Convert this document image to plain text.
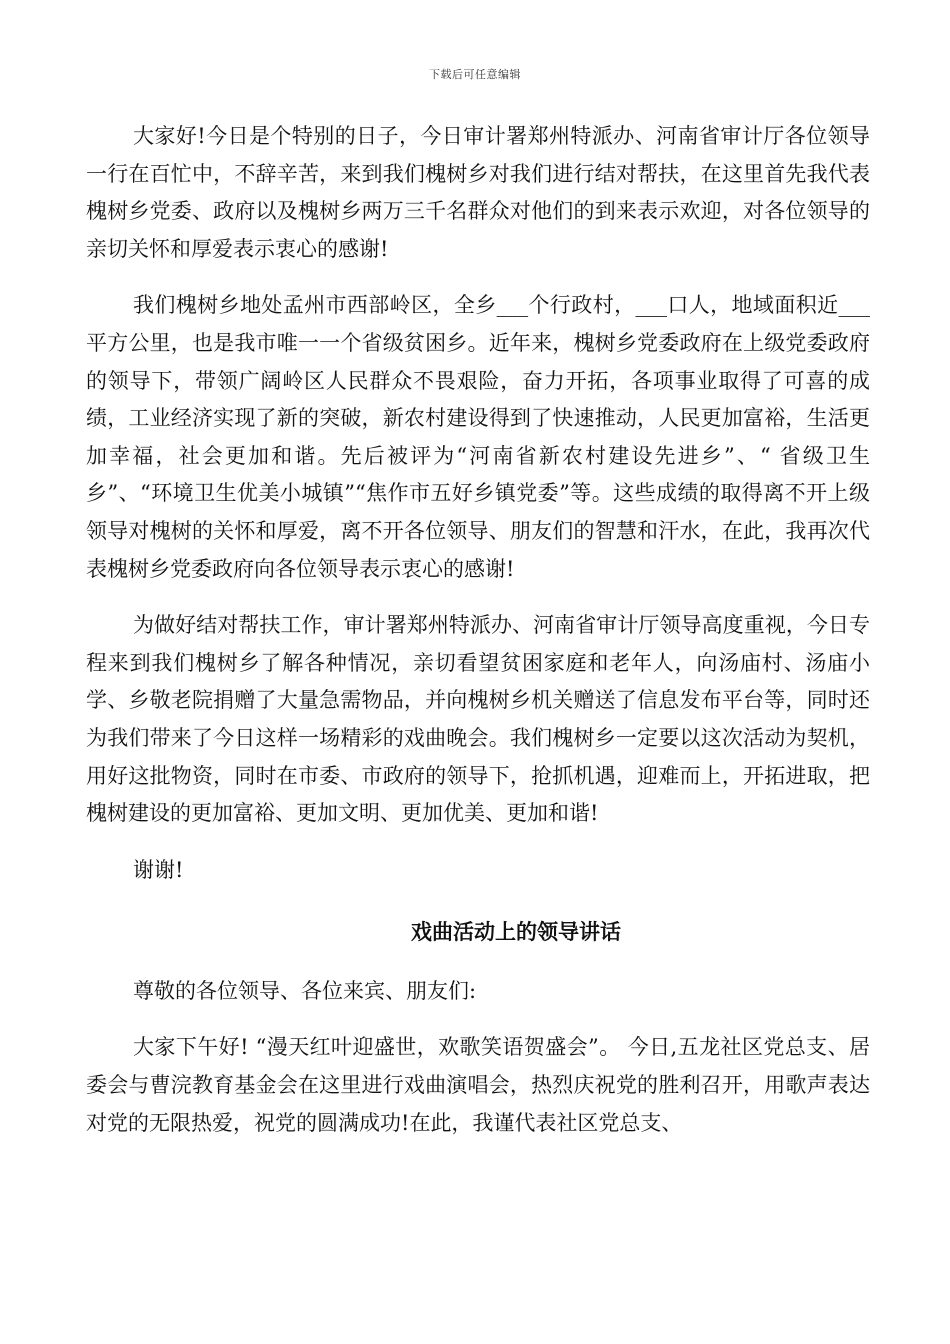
下载后可任意编辑

大家好!今日是个特别的日子，今日审计署郑州特派办、河南省审计厅各位领导一行在百忙中，不辞辛苦，来到我们槐树乡对我们进行结对帮扶，在这里首先我代表槐树乡党委、政府以及槐树乡两万三千名群众对他们的到来表示欢迎，对各位领导的亲切关怀和厚爱表示衷心的感谢!

我们槐树乡地处孟州市西部岭区，全乡___个行政村，___口人，地域面积近___平方公里，也是我市唯一一个省级贫困乡。近年来，槐树乡党委政府在上级党委政府的领导下，带领广阔岭区人民群众不畏艰险，奋力开拓，各项事业取得了可喜的成绩，工业经济实现了新的突破，新农村建设得到了快速推动，人民更加富裕，生活更加幸福，社会更加和谐。先后被评为“河南省新农村建设先进乡”、“ 省级卫生乡”、“环境卫生优美小城镇”“焦作市五好乡镇党委”等。这些成绩的取得离不开上级领导对槐树的关怀和厚爱，离不开各位领导、朋友们的智慧和汗水，在此，我再次代表槐树乡党委政府向各位领导表示衷心的感谢!

为做好结对帮扶工作，审计署郑州特派办、河南省审计厅领导高度重视，今日专程来到我们槐树乡了解各种情况，亲切看望贫困家庭和老年人，向汤庙村、汤庙小学、乡敬老院捐赠了大量急需物品，并向槐树乡机关赠送了信息发布平台等，同时还为我们带来了今日这样一场精彩的戏曲晚会。我们槐树乡一定要以这次活动为契机，用好这批物资，同时在市委、市政府的领导下，抢抓机遇，迎难而上，开拓进取，把槐树建设的更加富裕、更加文明、更加优美、更加和谐!

谢谢!

戏曲活动上的领导讲话

尊敬的各位领导、各位来宾、朋友们:

大家下午好! “漫天红叶迎盛世，欢歌笑语贺盛会”。 今日,五龙社区党总支、居委会与曹浣教育基金会在这里进行戏曲演唱会，热烈庆祝党的胜利召开，用歌声表达对党的无限热爱，祝党的圆满成功!在此，我谨代表社区党总支、
